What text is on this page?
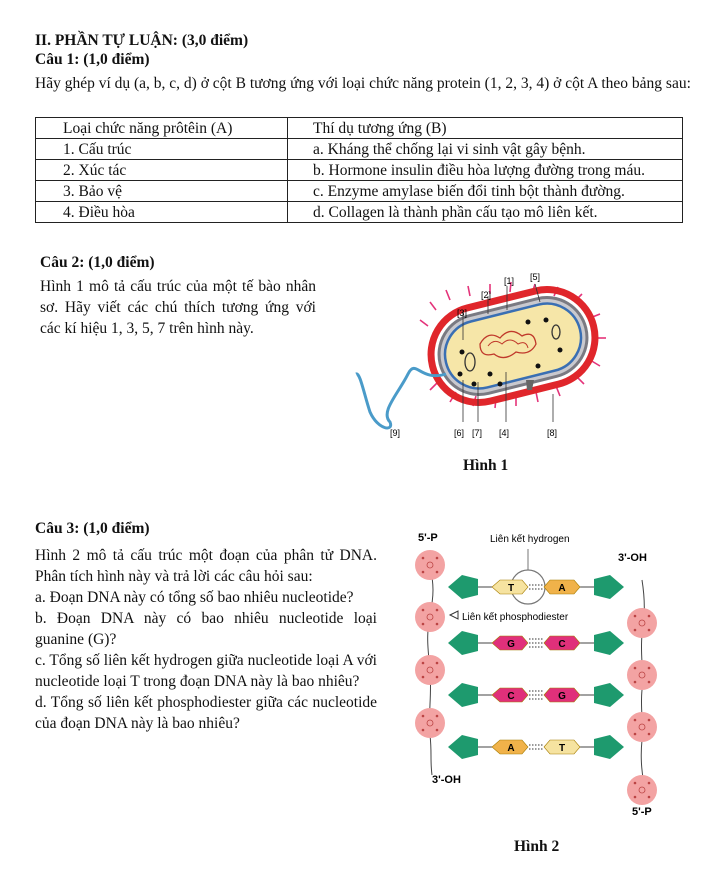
II. PHẦN TỰ LUẬN: (3,0 điểm)
Câu 1: (1,0 điểm)
Hãy ghép ví dụ (a, b, c, d) ở cột B tương ứng với loại chức năng protein (1, 2, 3, 4) ở cột A theo bảng sau:
Loại chức năng prôtêin (A)	Thí dụ tương ứng (B)
1. Cấu trúc	a. Kháng thể chống lại vi sinh vật gây bệnh.
2. Xúc tác	b. Hormone insulin điều hòa lượng đường trong máu.
3. Bảo vệ	c. Enzyme amylase biến đổi tinh bột thành đường.
4. Điều hòa	d. Collagen là thành phần cấu tạo mô liên kết.
Câu 2: (1,0 điểm)
Hình 1 mô tả cấu trúc của một tế bào nhân sơ. Hãy viết các chú thích tương ứng với các kí hiệu 1, 3, 5, 7 trên hình này.
[1]
[2]
[3]
[4]
[5]
[6] [7]	[8]
[9]
Hình 1
Câu 3: (1,0 điểm)
Hình 2 mô tả cấu trúc một đoạn của phân tử DNA. Phân tích hình này và trả lời các câu hỏi sau:
a. Đoạn DNA này có tổng số bao nhiêu nucleotide?
b. Đoạn DNA này có bao nhiêu nucleotide loại guanine (G)?
c. Tổng số liên kết hydrogen giữa nucleotide loại A với nucleotide loại T trong đoạn DNA này là bao nhiêu?
d. Tổng số liên kết phosphodiester giữa các nucleotide của đoạn DNA này là bao nhiêu?
5'-P
3'-OH
Liên kết hydrogen
Liên kết phosphodiester
3'-OH
5'-P
T	A
G	C
C	G
A	T
Hình 2
